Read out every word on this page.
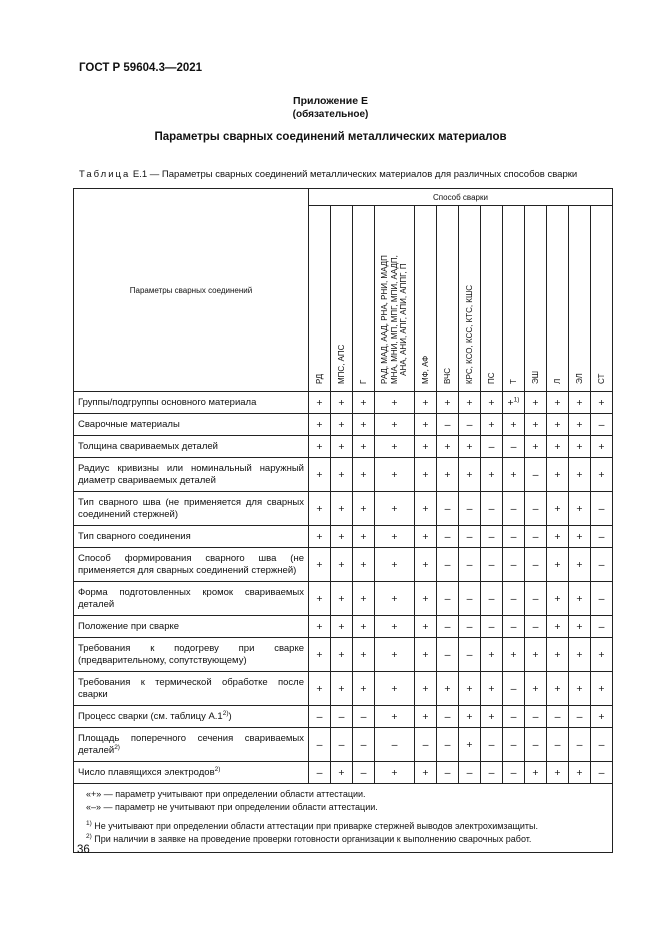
ГОСТ Р 59604.3—2021
Приложение Е
(обязательное)
Параметры сварных соединений металлических материалов
Таблица Е.1 — Параметры сварных соединений металлических материалов для различных способов сварки
Параметры сварных соединений	Способ сварки												

	РД	МПС, АПС	Г	РАД, МАД, ААД, РНА, РНИ, МАДП МНА, МНИ, МП, МПГ, МПИ, ААДП, АНА, АНИ, АПГ, АПИ, АППГ, П	МФ, АФ	ВЧС	КРС, КСО, КСС, КТС, КШС	ПС	Т	ЭШ	Л	ЭЛ	СТ

Группы/подгруппы основного материала	+	+	+	+	+	+	+	+	+$^{1)}$	+	+	+	+
Сварочные материалы	+	+	+	+	+	–	–	+	+	+	+	+	–
Толщина свариваемых деталей	+	+	+	+	+	+	+	–	–	+	+	+	+
Радиус кривизны или номинальный наружный диаметр свариваемых деталей	+	+	+	+	+	+	+	+	+	–	+	+	+
Тип сварного шва (не применяется для сварных соединений стержней)	+	+	+	+	+	–	–	–	–	–	+	+	–
Тип сварного соединения	+	+	+	+	+	–	–	–	–	–	+	+	–
Способ формирования сварного шва (не применяется для сварных соединений стержней)	+	+	+	+	+	–	–	–	–	–	+	+	–
Форма подготовленных кромок свариваемых деталей	+	+	+	+	+	–	–	–	–	–	+	+	–
Положение при сварке	+	+	+	+	+	–	–	–	–	–	+	+	–
Требования к подогреву при сварке (предварительному, сопутствующему)	+	+	+	+	+	–	–	+	+	+	+	+	+
Требования к термической обработке после сварки	+	+	+	+	+	+	+	+	–	+	+	+	+
Процесс сварки (см. таблицу А.1$^{2)}$)	–	–	–	+	+	–	+	+	–	–	–	–	+
Площадь поперечного сечения свариваемых деталей$^{2)}$	–	–	–	–	–	–	+	–	–	–	–	–	–
Число плавящихся электродов$^{2)}$	–	+	–	+	+	–	–	–	–	+	+	+	–

«+» — параметр учитывают при определении области аттестации.
«–» — параметр не учитывают при определении области аттестации.
$^{1)}$ Не учитывают при определении области аттестации при приварке стержней выводов электрохимзащиты.
$^{2)}$ При наличии в заявке на проведение проверки готовности организации к выполнению сварочных работ.													
36
